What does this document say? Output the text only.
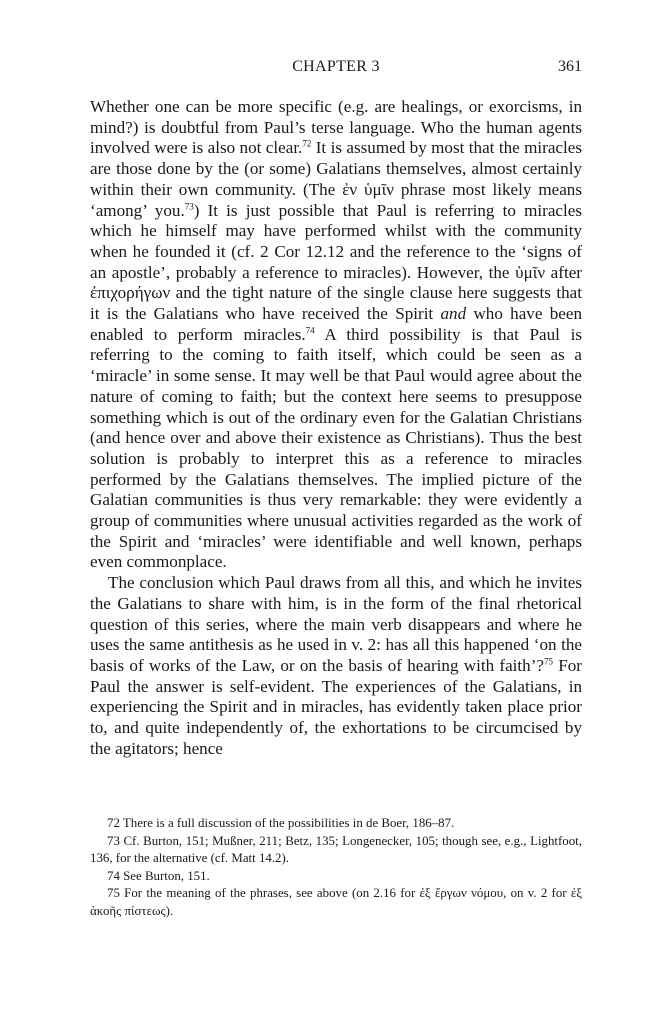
CHAPTER 3	361

Whether one can be more specific (e.g. are healings, or exorcisms, in mind?) is doubtful from Paul’s terse language. Who the human agents involved were is also not clear.$^{72}$ It is assumed by most that the miracles are those done by the (or some) Galatians themselves, almost certainly within their own community. (The ἐν ὑμῖν phrase most likely means ‘among’ you.$^{73}$) It is just possible that Paul is referring to miracles which he himself may have performed whilst with the community when he founded it (cf. 2 Cor 12.12 and the reference to the ‘signs of an apostle’, probably a reference to miracles). However, the ὑμῖν after ἐπιχορήγων and the tight nature of the single clause here suggests that it is the Galatians who have received the Spirit and who have been enabled to perform miracles.$^{74}$ A third possibility is that Paul is referring to the coming to faith itself, which could be seen as a ‘miracle’ in some sense. It may well be that Paul would agree about the nature of coming to faith; but the context here seems to presuppose something which is out of the ordinary even for the Galatian Christians (and hence over and above their existence as Christians). Thus the best solution is probably to interpret this as a reference to miracles performed by the Galatians themselves. The implied picture of the Galatian communities is thus very remarkable: they were evidently a group of communities where unusual activities regarded as the work of the Spirit and ‘miracles’ were identifiable and well known, perhaps even commonplace.

The conclusion which Paul draws from all this, and which he invites the Galatians to share with him, is in the form of the final rhetorical question of this series, where the main verb disappears and where he uses the same antithesis as he used in v. 2: has all this happened ‘on the basis of works of the Law, or on the basis of hearing with faith’?$^{75}$ For Paul the answer is self-evident. The experiences of the Galatians, in experiencing the Spirit and in miracles, has evidently taken place prior to, and quite independently of, the exhortations to be circumcised by the agitators; hence

72 There is a full discussion of the possibilities in de Boer, 186–87.

73 Cf. Burton, 151; Mußner, 211; Betz, 135; Longenecker, 105; though see, e.g., Lightfoot, 136, for the alternative (cf. Matt 14.2).

74 See Burton, 151.

75 For the meaning of the phrases, see above (on 2.16 for ἐξ ἔργων νόμου, on v. 2 for ἐξ ἀκοῆς πίστεως).
